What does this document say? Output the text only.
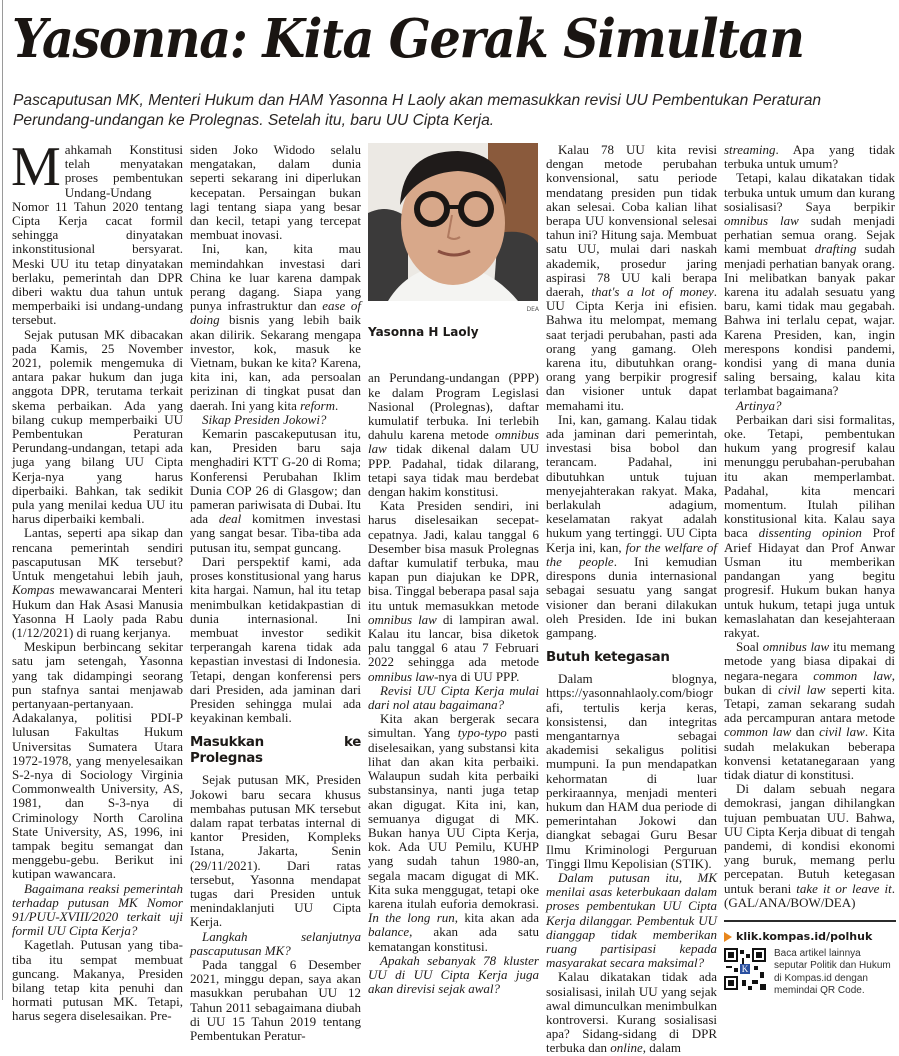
Yasonna: Kita Gerak Simultan
Pascaputusan MK, Menteri Hukum dan HAM Yasonna H Laoly akan memasukkan revisi UU Pembentukan Peraturan Perundang-undangan ke Prolegnas. Setelah itu, baru UU Cipta Kerja.

Mahkamah Konstitusi telah menyatakan proses pembentukan Undang-Undang Nomor 11 Tahun 2020 tentang Cipta Kerja cacat formil sehingga dinyatakan inkonstitusional bersyarat. Meski UU itu tetap dinyatakan berlaku, pemerintah dan DPR diberi waktu dua tahun untuk memperbaiki isi undang-undang tersebut.

Sejak putusan MK dibacakan pada Kamis, 25 November 2021, polemik mengemuka di antara pakar hukum dan juga anggota DPR, terutama terkait skema perbaikan. Ada yang bilang cukup memperbaiki UU Pembentukan Peraturan Perundang-undangan, tetapi ada juga yang bilang UU Cipta Kerja-nya yang harus diperbaiki. Bahkan, tak sedikit pula yang menilai kedua UU itu harus diperbaiki kembali.

Lantas, seperti apa sikap dan rencana pemerintah sendiri pascaputusan MK tersebut? Untuk mengetahui lebih jauh, Kompas mewawancarai Menteri Hukum dan Hak Asasi Manusia Yasonna H Laoly pada Rabu (1/12/2021) di ruang kerjanya.

Meskipun berbincang sekitar satu jam setengah, Yasonna yang tak didampingi seorang pun stafnya santai menjawab pertanyaan-pertanyaan. Adakalanya, politisi PDI-P lulusan Fakultas Hukum Universitas Sumatera Utara 1972-1978, yang menyelesaikan S-2-nya di Sociology Virginia Commonwealth University, AS, 1981, dan S-3-nya di Criminology North Carolina State University, AS, 1996, ini tampak begitu semangat dan menggebu-gebu. Berikut ini kutipan wawancara.

Bagaimana reaksi pemerintah terhadap putusan MK Nomor 91/PUU-XVIII/2020 terkait uji formil UU Cipta Kerja?

Kagetlah. Putusan yang tiba-tiba itu sempat membuat guncang. Makanya, Presiden bilang tetap kita penuhi dan hormati putusan MK. Tetapi, harus segera diselesaikan. Pre-

siden Joko Widodo selalu mengatakan, dalam dunia seperti sekarang ini diperlukan kecepatan. Persaingan bukan lagi tentang siapa yang besar dan kecil, tetapi yang tercepat membuat inovasi.

Ini, kan, kita mau memindahkan investasi dari China ke luar karena dampak perang dagang. Siapa yang punya infrastruktur dan ease of doing bisnis yang lebih baik akan dilirik. Sekarang mengapa investor, kok, masuk ke Vietnam, bukan ke kita? Karena, kita ini, kan, ada persoalan perizinan di tingkat pusat dan daerah. Ini yang kita reform.

Sikap Presiden Jokowi?

Kemarin pascakeputusan itu, kan, Presiden baru saja menghadiri KTT G-20 di Roma; Konferensi Perubahan Iklim Dunia COP 26 di Glasgow; dan pameran pariwisata di Dubai. Itu ada deal komitmen investasi yang sangat besar. Tiba-tiba ada putusan itu, sempat guncang.

Dari perspektif kami, ada proses konstitusional yang harus kita hargai. Namun, hal itu tetap menimbulkan ketidakpastian di dunia internasional. Ini membuat investor sedikit terperangah karena tidak ada kepastian investasi di Indonesia. Tetapi, dengan konferensi pers dari Presiden, ada jaminan dari Presiden sehingga mulai ada keyakinan kembali.

Masukkan ke Prolegnas

Sejak putusan MK, Presiden Jokowi baru secara khusus membahas putusan MK tersebut dalam rapat terbatas internal di kantor Presiden, Kompleks Istana, Jakarta, Senin (29/11/2021). Dari ratas tersebut, Yasonna mendapat tugas dari Presiden untuk menindaklanjuti UU Cipta Kerja.

Langkah selanjutnya pascaputusan MK?

Pada tanggal 6 Desember 2021, minggu depan, saya akan masukkan perubahan UU 12 Tahun 2011 sebagaimana diubah di UU 15 Tahun 2019 tentang Pembentukan Peratur-

DEA
Yasonna H Laoly

an Perundang-undangan (PPP) ke dalam Program Legislasi Nasional (Prolegnas), daftar kumulatif terbuka. Ini terlebih dahulu karena metode omnibus law tidak dikenal dalam UU PPP. Padahal, tidak dilarang, tetapi saya tidak mau berdebat dengan hakim konstitusi.

Kata Presiden sendiri, ini harus diselesaikan secepat-cepatnya. Jadi, kalau tanggal 6 Desember bisa masuk Prolegnas daftar kumulatif terbuka, mau kapan pun diajukan ke DPR, bisa. Tinggal beberapa pasal saja itu untuk memasukkan metode omnibus law di lampiran awal. Kalau itu lancar, bisa diketok palu tanggal 6 atau 7 Februari 2022 sehingga ada metode omnibus law-nya di UU PPP.

Revisi UU Cipta Kerja mulai dari nol atau bagaimana?

Kita akan bergerak secara simultan. Yang typo-typo pasti diselesaikan, yang substansi kita lihat dan akan kita perbaiki. Walaupun sudah kita perbaiki substansinya, nanti juga tetap akan digugat. Kita ini, kan, semuanya digugat di MK. Bukan hanya UU Cipta Kerja, kok. Ada UU Pemilu, KUHP yang sudah tahun 1980-an, segala macam digugat di MK. Kita suka menggugat, tetapi oke karena itulah euforia demokrasi. In the long run, kita akan ada balance, akan ada satu kematangan konstitusi.

Apakah sebanyak 78 kluster UU di UU Cipta Kerja juga akan direvisi sejak awal?

Kalau 78 UU kita revisi dengan metode perubahan konvensional, satu periode mendatang presiden pun tidak akan selesai. Coba kalian lihat berapa UU konvensional selesai tahun ini? Hitung saja. Membuat satu UU, mulai dari naskah akademik, prosedur jaring aspirasi 78 UU kali berapa daerah, that's a lot of money. UU Cipta Kerja ini efisien. Bahwa itu melompat, memang saat terjadi perubahan, pasti ada orang yang gamang. Oleh karena itu, dibutuhkan orang-orang yang berpikir progresif dan visioner untuk dapat memahami itu.

Ini, kan, gamang. Kalau tidak ada jaminan dari pemerintah, investasi bisa bobol dan terancam. Padahal, ini dibutuhkan untuk tujuan menyejahterakan rakyat. Maka, berlakulah adagium, keselamatan rakyat adalah hukum yang tertinggi. UU Cipta Kerja ini, kan, for the welfare of the people. Ini kemudian direspons dunia internasional sebagai sesuatu yang sangat visioner dan berani dilakukan oleh Presiden. Ide ini bukan gampang.

Butuh ketegasan

Dalam blognya, https://yasonnahlaoly.com/biografi, tertulis kerja keras, konsistensi, dan integritas mengantarnya sebagai akademisi sekaligus politisi mumpuni. Ia pun mendapatkan kehormatan di luar perkiraannya, menjadi menteri hukum dan HAM dua periode di pemerintahan Jokowi dan diangkat sebagai Guru Besar Ilmu Kriminologi Perguruan Tinggi Ilmu Kepolisian (STIK).

Dalam putusan itu, MK menilai asas keterbukaan dalam proses pembentukan UU Cipta Kerja dilanggar. Pembentuk UU dianggap tidak memberikan ruang partisipasi kepada masyarakat secara maksimal?

Kalau dikatakan tidak ada sosialisasi, inilah UU yang sejak awal dimunculkan menimbulkan kontroversi. Kurang sosialisasi apa? Sidang-sidang di DPR terbuka dan online, dalam

streaming. Apa yang tidak terbuka untuk umum?

Tetapi, kalau dikatakan tidak terbuka untuk umum dan kurang sosialisasi? Saya berpikir omnibus law sudah menjadi perhatian semua orang. Sejak kami membuat drafting sudah menjadi perhatian banyak orang. Ini melibatkan banyak pakar karena itu adalah sesuatu yang baru, kami tidak mau gegabah. Bahwa ini terlalu cepat, wajar. Karena Presiden, kan, ingin merespons kondisi pandemi, kondisi yang di mana dunia saling bersaing, kalau kita terlambat bagaimana?

Artinya?

Perbaikan dari sisi formalitas, oke. Tetapi, pembentukan hukum yang progresif kalau menunggu perubahan-perubahan itu akan memperlambat. Padahal, kita mencari momentum. Itulah pilihan konstitusional kita. Kalau saya baca dissenting opinion Prof Arief Hidayat dan Prof Anwar Usman itu memberikan pandangan yang begitu progresif. Hukum bukan hanya untuk hukum, tetapi juga untuk kemaslahatan dan kesejahteraan rakyat.

Soal omnibus law itu memang metode yang biasa dipakai di negara-negara common law, bukan di civil law seperti kita. Tetapi, zaman sekarang sudah ada percampuran antara metode common law dan civil law. Kita sudah melakukan beberapa konvensi ketatanegaraan yang tidak diatur di konstitusi.

Di dalam sebuah negara demokrasi, jangan dihilangkan tujuan pembuatan UU. Bahwa, UU Cipta Kerja dibuat di tengah pandemi, di kondisi ekonomi yang buruk, memang perlu percepatan. Butuh ketegasan untuk berani take it or leave it. (GAL/ANA/BOW/DEA)

klik.kompas.id/polhuk
K
Baca artikel lainnya seputar Politik dan Hukum di Kompas.id dengan memindai QR Code.
